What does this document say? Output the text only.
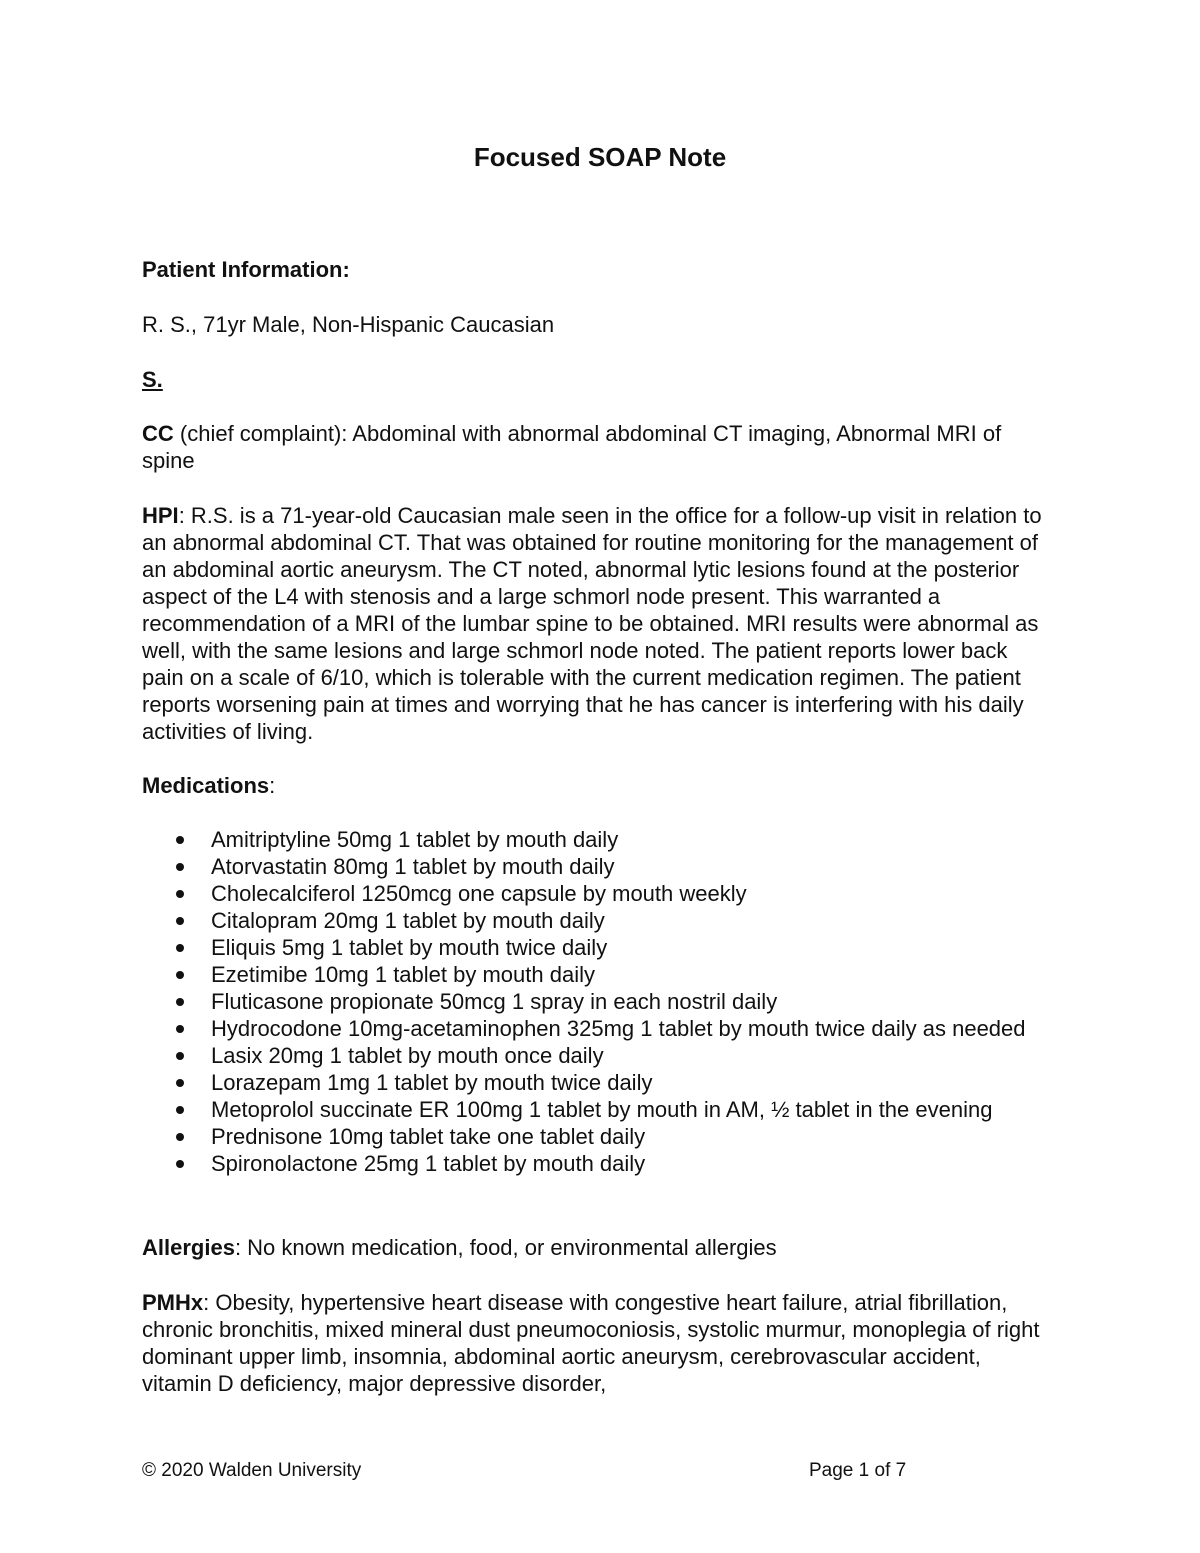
Focused SOAP Note

Patient Information:

R. S., 71yr Male, Non-Hispanic Caucasian

S.

CC (chief complaint): Abdominal with abnormal abdominal CT imaging, Abnormal MRI of spine

HPI: R.S. is a 71-year-old Caucasian male seen in the office for a follow-up visit in relation to an abnormal abdominal CT. That was obtained for routine monitoring for the management of an abdominal aortic aneurysm. The CT noted, abnormal lytic lesions found at the posterior aspect of the L4 with stenosis and a large schmorl node present. This warranted a recommendation of a MRI of the lumbar spine to be obtained. MRI results were abnormal as well, with the same lesions and large schmorl node noted. The patient reports lower back pain on a scale of 6/10, which is tolerable with the current medication regimen. The patient reports worsening pain at times and worrying that he has cancer is interfering with his daily activities of living.

Medications:

Amitriptyline 50mg 1 tablet by mouth daily
Atorvastatin 80mg 1 tablet by mouth daily
Cholecalciferol 1250mcg one capsule by mouth weekly
Citalopram 20mg 1 tablet by mouth daily
Eliquis 5mg 1 tablet by mouth twice daily
Ezetimibe 10mg 1 tablet by mouth daily
Fluticasone propionate 50mcg 1 spray in each nostril daily
Hydrocodone 10mg-acetaminophen 325mg 1 tablet by mouth twice daily as needed
Lasix 20mg 1 tablet by mouth once daily
Lorazepam 1mg 1 tablet by mouth twice daily
Metoprolol succinate ER 100mg 1 tablet by mouth in AM, ½ tablet in the evening
Prednisone 10mg tablet take one tablet daily
Spironolactone 25mg 1 tablet by mouth daily

Allergies: No known medication, food, or environmental allergies

PMHx: Obesity, hypertensive heart disease with congestive heart failure, atrial fibrillation, chronic bronchitis, mixed mineral dust pneumoconiosis, systolic murmur, monoplegia of right dominant upper limb, insomnia, abdominal aortic aneurysm, cerebrovascular accident, vitamin D deficiency, major depressive disorder,

© 2020 Walden University	Page 1 of 7
